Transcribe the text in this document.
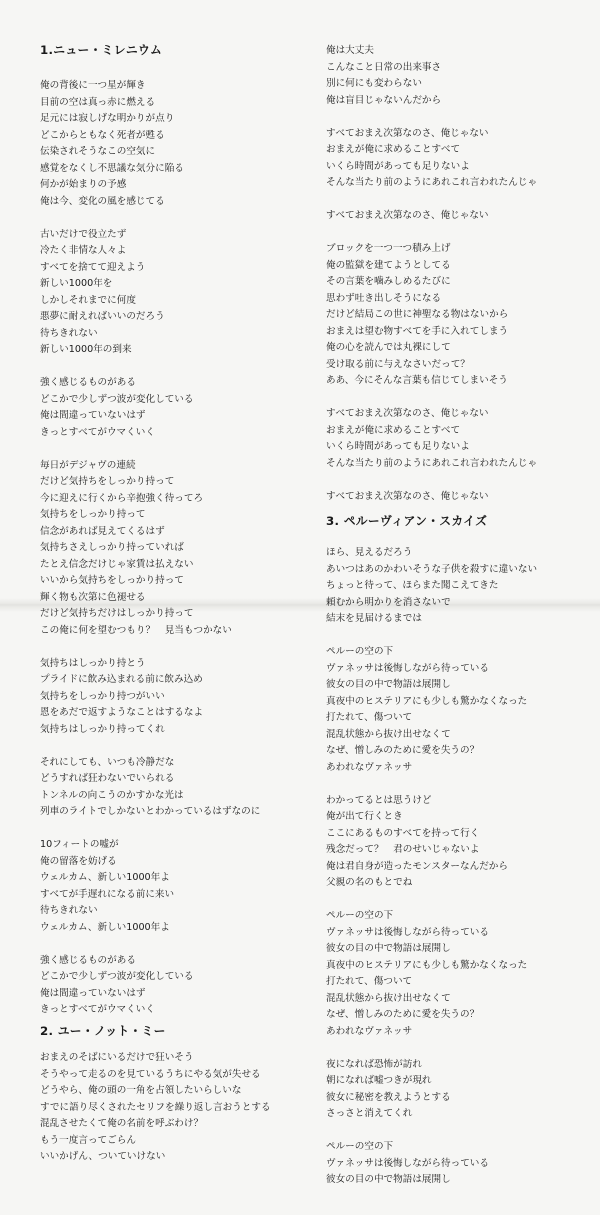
1.ニュー・ミレニウム
俺の背後に一つ星が輝き
目前の空は真っ赤に燃える
足元には寂しげな明かりが点り
どこからともなく死者が甦る
伝染されそうなこの空気に
感覚をなくし不思議な気分に陥る
何かが始まりの予感
俺は今、変化の風を感じてる
古いだけで役立たず
冷たく非情な人々よ
すべてを捨てて迎えよう
新しい1000年を
しかしそれまでに何度
悪夢に耐えればいいのだろう
待ちきれない
新しい1000年の到来
強く感じるものがある
どこかで少しずつ波が変化している
俺は間違っていないはず
きっとすべてがウマくいく
毎日がデジャヴの連続
だけど気持ちをしっかり持って
今に迎えに行くから辛抱強く待ってろ
気持ちをしっかり持って
信念があれば見えてくるはず
気持ちさえしっかり持っていれば
たとえ信念だけじゃ家賃は払えない
いいから気持ちをしっかり持って
輝く物も次第に色褪せる
だけど気持ちだけはしっかり持って
この俺に何を望むつもり？　見当もつかない
気持ちはしっかり持とう
プライドに飲み込まれる前に飲み込め
気持ちをしっかり持つがいい
恩をあだで返すようなことはするなよ
気持ちはしっかり持ってくれ
それにしても、いつも冷静だな
どうすれば狂わないでいられる
トンネルの向こうのかすかな光は
列車のライトでしかないとわかっているはずなのに
10フィートの嘘が
俺の留落を妨げる
ウェルカム、新しい1000年よ
すべてが手遅れになる前に来い
待ちきれない
ウェルカム、新しい1000年よ
強く感じるものがある
どこかで少しずつ波が変化している
俺は間違っていないはず
きっとすべてがウマくいく
2. ユー・ノット・ミー
おまえのそばにいるだけで狂いそう
そうやって走るのを見ているうちにやる気が失せる
どうやら、俺の頭の一角を占領したいらしいな
すでに語り尽くされたセリフを繰り返し言おうとする
混乱させたくて俺の名前を呼ぶわけ？
もう一度言ってごらん
いいかげん、ついていけない
俺は大丈夫
こんなこと日常の出来事さ
別に何にも変わらない
俺は盲目じゃないんだから
すべておまえ次第なのさ、俺じゃない
おまえが俺に求めることすべて
いくら時間があっても足りないよ
そんな当たり前のようにあれこれ言われたんじゃ
すべておまえ次第なのさ、俺じゃない
ブロックを一つ一つ積み上げ
俺の監獄を建てようとしてる
その言葉を噛みしめるたびに
思わず吐き出しそうになる
だけど結局この世に神聖なる物はないから
おまえは望む物すべてを手に入れてしまう
俺の心を読んでは丸裸にして
受け取る前に与えなさいだって？
ああ、今にそんな言葉も信じてしまいそう
すべておまえ次第なのさ、俺じゃない
おまえが俺に求めることすべて
いくら時間があっても足りないよ
そんな当たり前のようにあれこれ言われたんじゃ
すべておまえ次第なのさ、俺じゃない
3. ペルーヴィアン・スカイズ
ほら、見えるだろう
あいつはあのかわいそうな子供を殺すに違いない
ちょっと待って、ほらまた聞こえてきた
頼むから明かりを消さないで
結末を見届けるまでは
ペルーの空の下
ヴァネッサは後悔しながら待っている
彼女の目の中で物語は展開し
真夜中のヒステリアにも少しも驚かなくなった
打たれて、傷ついて
混乱状態から抜け出せなくて
なぜ、憎しみのために愛を失うの？
あわれなヴァネッサ
わかってるとは思うけど
俺が出て行くとき
ここにあるものすべてを持って行く
残念だって？　君のせいじゃないよ
俺は君自身が造ったモンスターなんだから
父親の名のもとでね
ペルーの空の下
ヴァネッサは後悔しながら待っている
彼女の目の中で物語は展開し
真夜中のヒステリアにも少しも驚かなくなった
打たれて、傷ついて
混乱状態から抜け出せなくて
なぜ、憎しみのために愛を失うの？
あわれなヴァネッサ
夜になれば恐怖が訪れ
朝になれば嘘つきが現れ
彼女に秘密を教えようとする
さっさと消えてくれ
ペルーの空の下
ヴァネッサは後悔しながら待っている
彼女の目の中で物語は展開し
